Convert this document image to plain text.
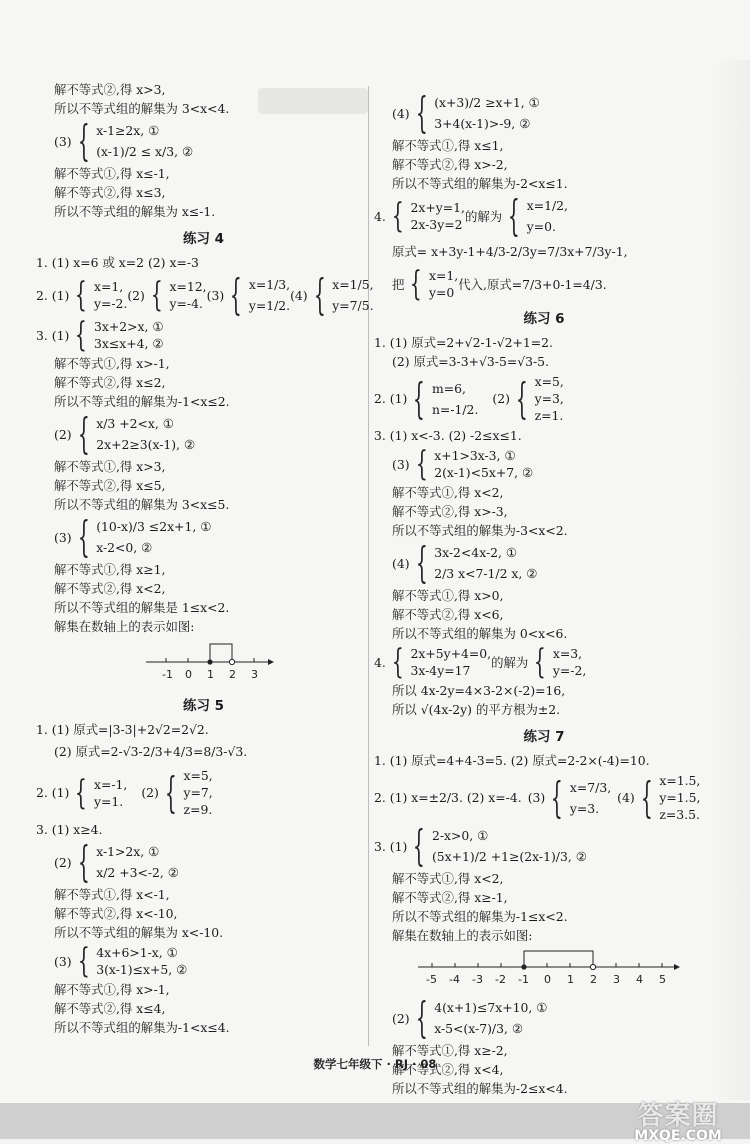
解不等式②,得 x>3,
所以不等式组的解集为 3<x<4.
(3) { x-1≥2x, ①
(x-1)/2 ≤ x/3, ②
解不等式①,得 x≤-1,
解不等式②,得 x≤3,
所以不等式组的解集为 x≤-1.
练习 4
1. (1) x=6 或 x=2 (2) x=-3
2. (1) { x=1,
y=-2.
(2) { x=12,
y=-4.
(3) { x=1/3,
y=1/2.
(4) { x=1/5,
y=7/5.
3. (1) { 3x+2>x, ①
3x≤x+4, ②
解不等式①,得 x>-1,
解不等式②,得 x≤2,
所以不等式组的解集为-1<x≤2.
(2) { x/3 +2<x, ①
2x+2≥3(x-1), ②
解不等式①,得 x>3,
解不等式②,得 x≤5,
所以不等式组的解集为 3<x≤5.
(3) { (10-x)/3 ≤2x+1, ①
x-2<0, ②
解不等式①,得 x≥1,
解不等式②,得 x<2,
所以不等式组的解集是 1≤x<2.
解集在数轴上的表示如图:
-1 0 1 2 3
练习 5
1. (1) 原式=|3-3|+2√2=2√2.
(2) 原式=2-√3-2/3+4/3=8/3-√3.
2. (1) { x=-1,
y=1.
(2) { x=5,
y=7,
z=9.
3. (1) x≥4.
(2) { x-1>2x, ①
x/2 +3<-2, ②
解不等式①,得 x<-1,
解不等式②,得 x<-10,
所以不等式组的解集为 x<-10.
(3) { 4x+6>1-x, ①
3(x-1)≤x+5, ②
解不等式①,得 x>-1,
解不等式②,得 x≤4,
所以不等式组的解集为-1<x≤4.
(4) { (x+3)/2 ≥x+1, ①
3+4(x-1)>-9, ②
解不等式①,得 x≤1,
解不等式②,得 x>-2,
所以不等式组的解集为-2<x≤1.
4. { 2x+y=1,
2x-3y=2
的解为 { x=1/2,
y=0.
原式= x+3y-1+4/3-2/3y=7/3x+7/3y-1,
把 { x=1,
y=0
代入,原式=7/3+0-1=4/3.
练习 6
1. (1) 原式=2+√2-1-√2+1=2.
(2) 原式=3-3+√3-5=√3-5.
2. (1) { m=6,
n=-1/2.
(2) { x=5,
y=3,
z=1.
3. (1) x<-3. (2) -2≤x≤1.
(3) { x+1>3x-3, ①
2(x-1)<5x+7, ②
解不等式①,得 x<2,
解不等式②,得 x>-3,
所以不等式组的解集为-3<x<2.
(4) { 3x-2<4x-2, ①
2/3 x<7-1/2 x, ②
解不等式①,得 x>0,
解不等式②,得 x<6,
所以不等式组的解集为 0<x<6.
4. { 2x+5y+4=0,
3x-4y=17
的解为 { x=3,
y=-2,
所以 4x-2y=4×3-2×(-2)=16,
所以 √(4x-2y) 的平方根为±2.
练习 7
1. (1) 原式=4+4-3=5. (2) 原式=2-2×(-4)=10.
2. (1) x=±2/3. (2) x=-4. (3) { x=7/3,
y=3.
(4) { x=1.5,
y=1.5,
z=3.5.
3. (1) { 2-x>0, ①
(5x+1)/2 +1≥(2x-1)/3, ②
解不等式①,得 x<2,
解不等式②,得 x≥-1,
所以不等式组的解集为-1≤x<2.
解集在数轴上的表示如图:
-5 -4 -3 -2 -1 0 1 2 3 4 5
(2) { 4(x+1)≤7x+10, ①
x-5<(x-7)/3, ②
解不等式①,得 x≥-2,
解不等式②,得 x<4,
所以不等式组的解集为-2≤x<4.
数学七年级下 · RJ · 08
答案圈
MXQE.COM
